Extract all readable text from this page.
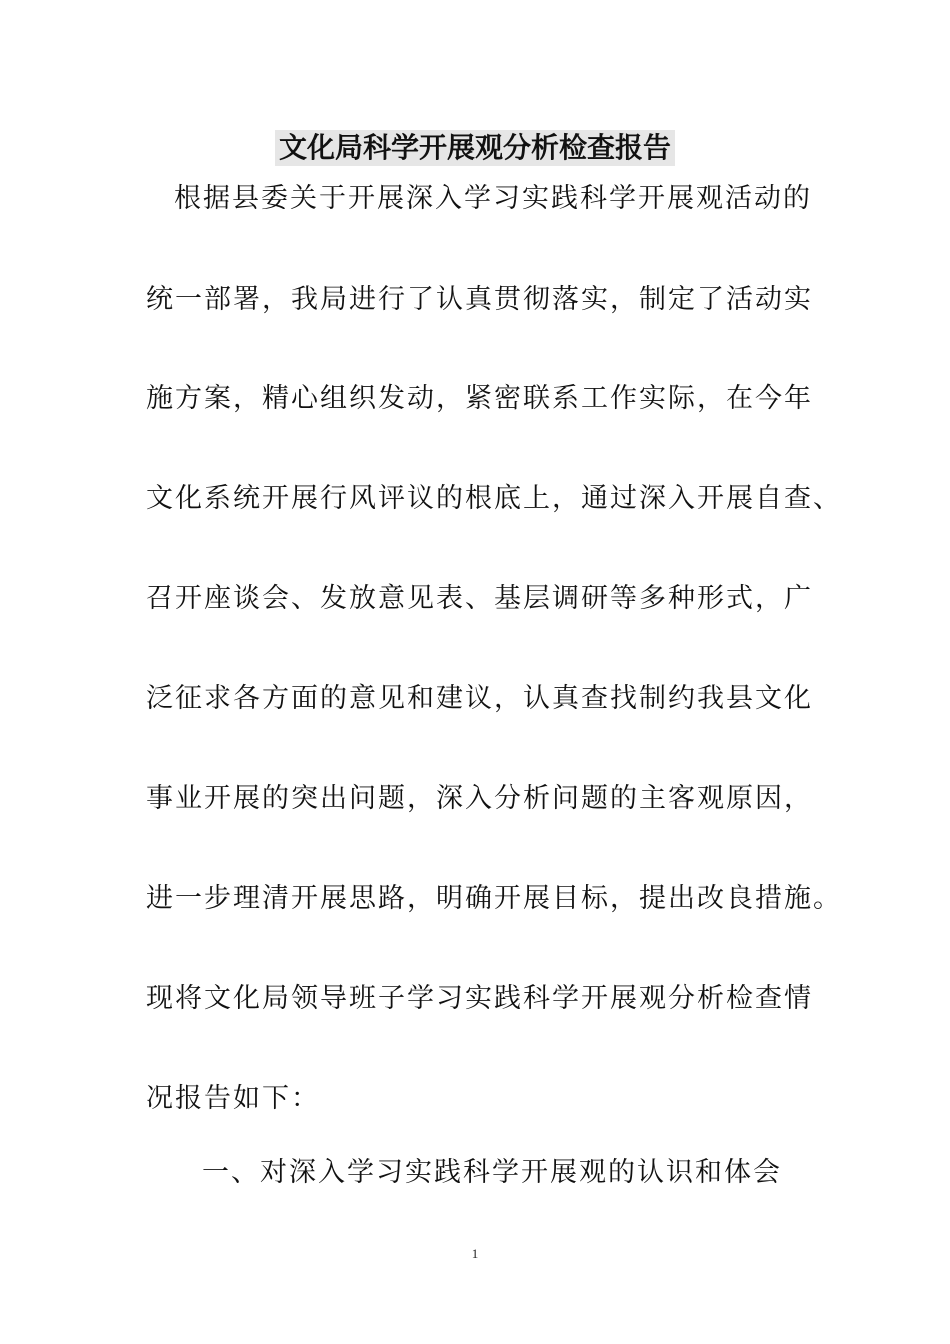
文化局科学开展观分析检查报告
根据县委关于开展深入学习实践科学开展观活动的
统一部署，我局进行了认真贯彻落实，制定了活动实
施方案，精心组织发动，紧密联系工作实际，在今年
文化系统开展行风评议的根底上，通过深入开展自查、
召开座谈会、发放意见表、基层调研等多种形式，广
泛征求各方面的意见和建议，认真查找制约我县文化
事业开展的突出问题，深入分析问题的主客观原因，
进一步理清开展思路，明确开展目标，提出改良措施。
现将文化局领导班子学习实践科学开展观分析检查情
况报告如下：
一、对深入学习实践科学开展观的认识和体会
1
